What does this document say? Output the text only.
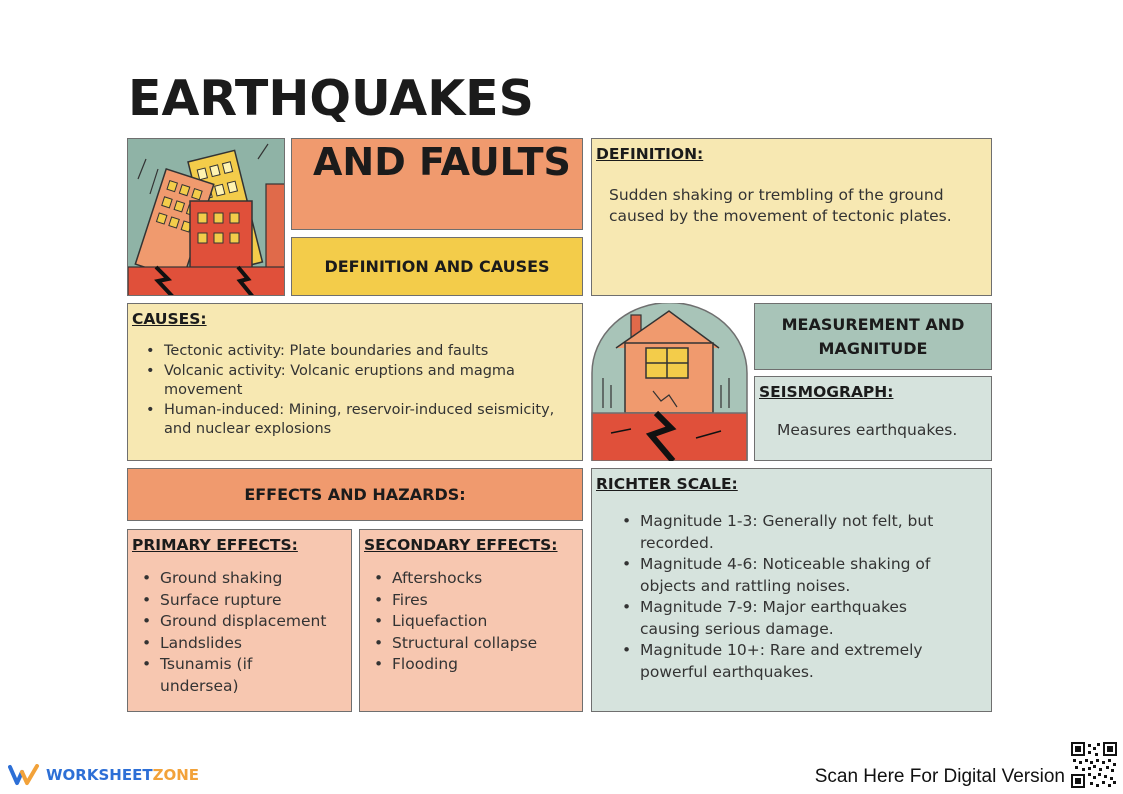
EARTHQUAKES
AND FAULTS
DEFINITION AND CAUSES
DEFINITION:
Sudden shaking or trembling of the ground caused by the movement of tectonic plates.
CAUSES:
• Tectonic activity: Plate boundaries and faults
• Volcanic activity: Volcanic eruptions and magma movement
• Human-induced: Mining, reservoir-induced seismicity, and nuclear explosions
MEASUREMENT AND MAGNITUDE
SEISMOGRAPH:
Measures earthquakes.
EFFECTS AND HAZARDS:
PRIMARY EFFECTS:
• Ground shaking
• Surface rupture
• Ground displacement
• Landslides
• Tsunamis (if undersea)
SECONDARY EFFECTS:
• Aftershocks
• Fires
• Liquefaction
• Structural collapse
• Flooding
RICHTER SCALE:
• Magnitude 1-3: Generally not felt, but recorded.
• Magnitude 4-6: Noticeable shaking of objects and rattling noises.
• Magnitude 7-9: Major earthquakes causing serious damage.
• Magnitude 10+: Rare and extremely powerful earthquakes.
WORKSHEETZONE	Scan Here For Digital Version
